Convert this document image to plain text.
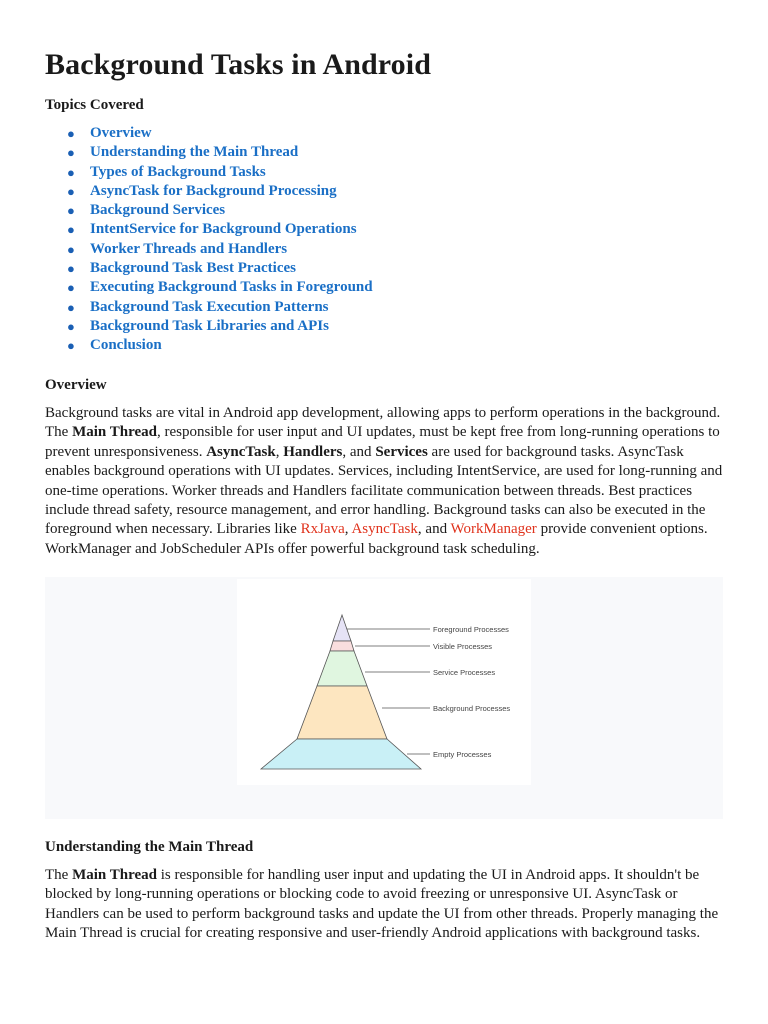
Background Tasks in Android
Topics Covered
● Overview
● Understanding the Main Thread
● Types of Background Tasks
● AsyncTask for Background Processing
● Background Services
● IntentService for Background Operations
● Worker Threads and Handlers
● Background Task Best Practices
● Executing Background Tasks in Foreground
● Background Task Execution Patterns
● Background Task Libraries and APIs
● Conclusion
Overview

Background tasks are vital in Android app development, allowing apps to perform operations in the background. The Main Thread, responsible for user input and UI updates, must be kept free from long-running operations to prevent unresponsiveness. AsyncTask, Handlers, and Services are used for background tasks. AsyncTask enables background operations with UI updates. Services, including IntentService, are used for long-running and one-time operations. Worker threads and Handlers facilitate communication between threads. Best practices include thread safety, resource management, and error handling. Background tasks can also be executed in the foreground when necessary. Libraries like RxJava, AsyncTask, and WorkManager provide convenient options. WorkManager and JobScheduler APIs offer powerful background task scheduling.

Foreground Processes
Visible Processes
Service Processes
Background Processes
Empty Processes
Understanding the Main Thread

The Main Thread is responsible for handling user input and updating the UI in Android apps. It shouldn't be blocked by long-running operations or blocking code to avoid freezing or unresponsive UI. AsyncTask or Handlers can be used to perform background tasks and update the UI from other threads. Properly managing the Main Thread is crucial for creating responsive and user-friendly Android applications with background tasks.
